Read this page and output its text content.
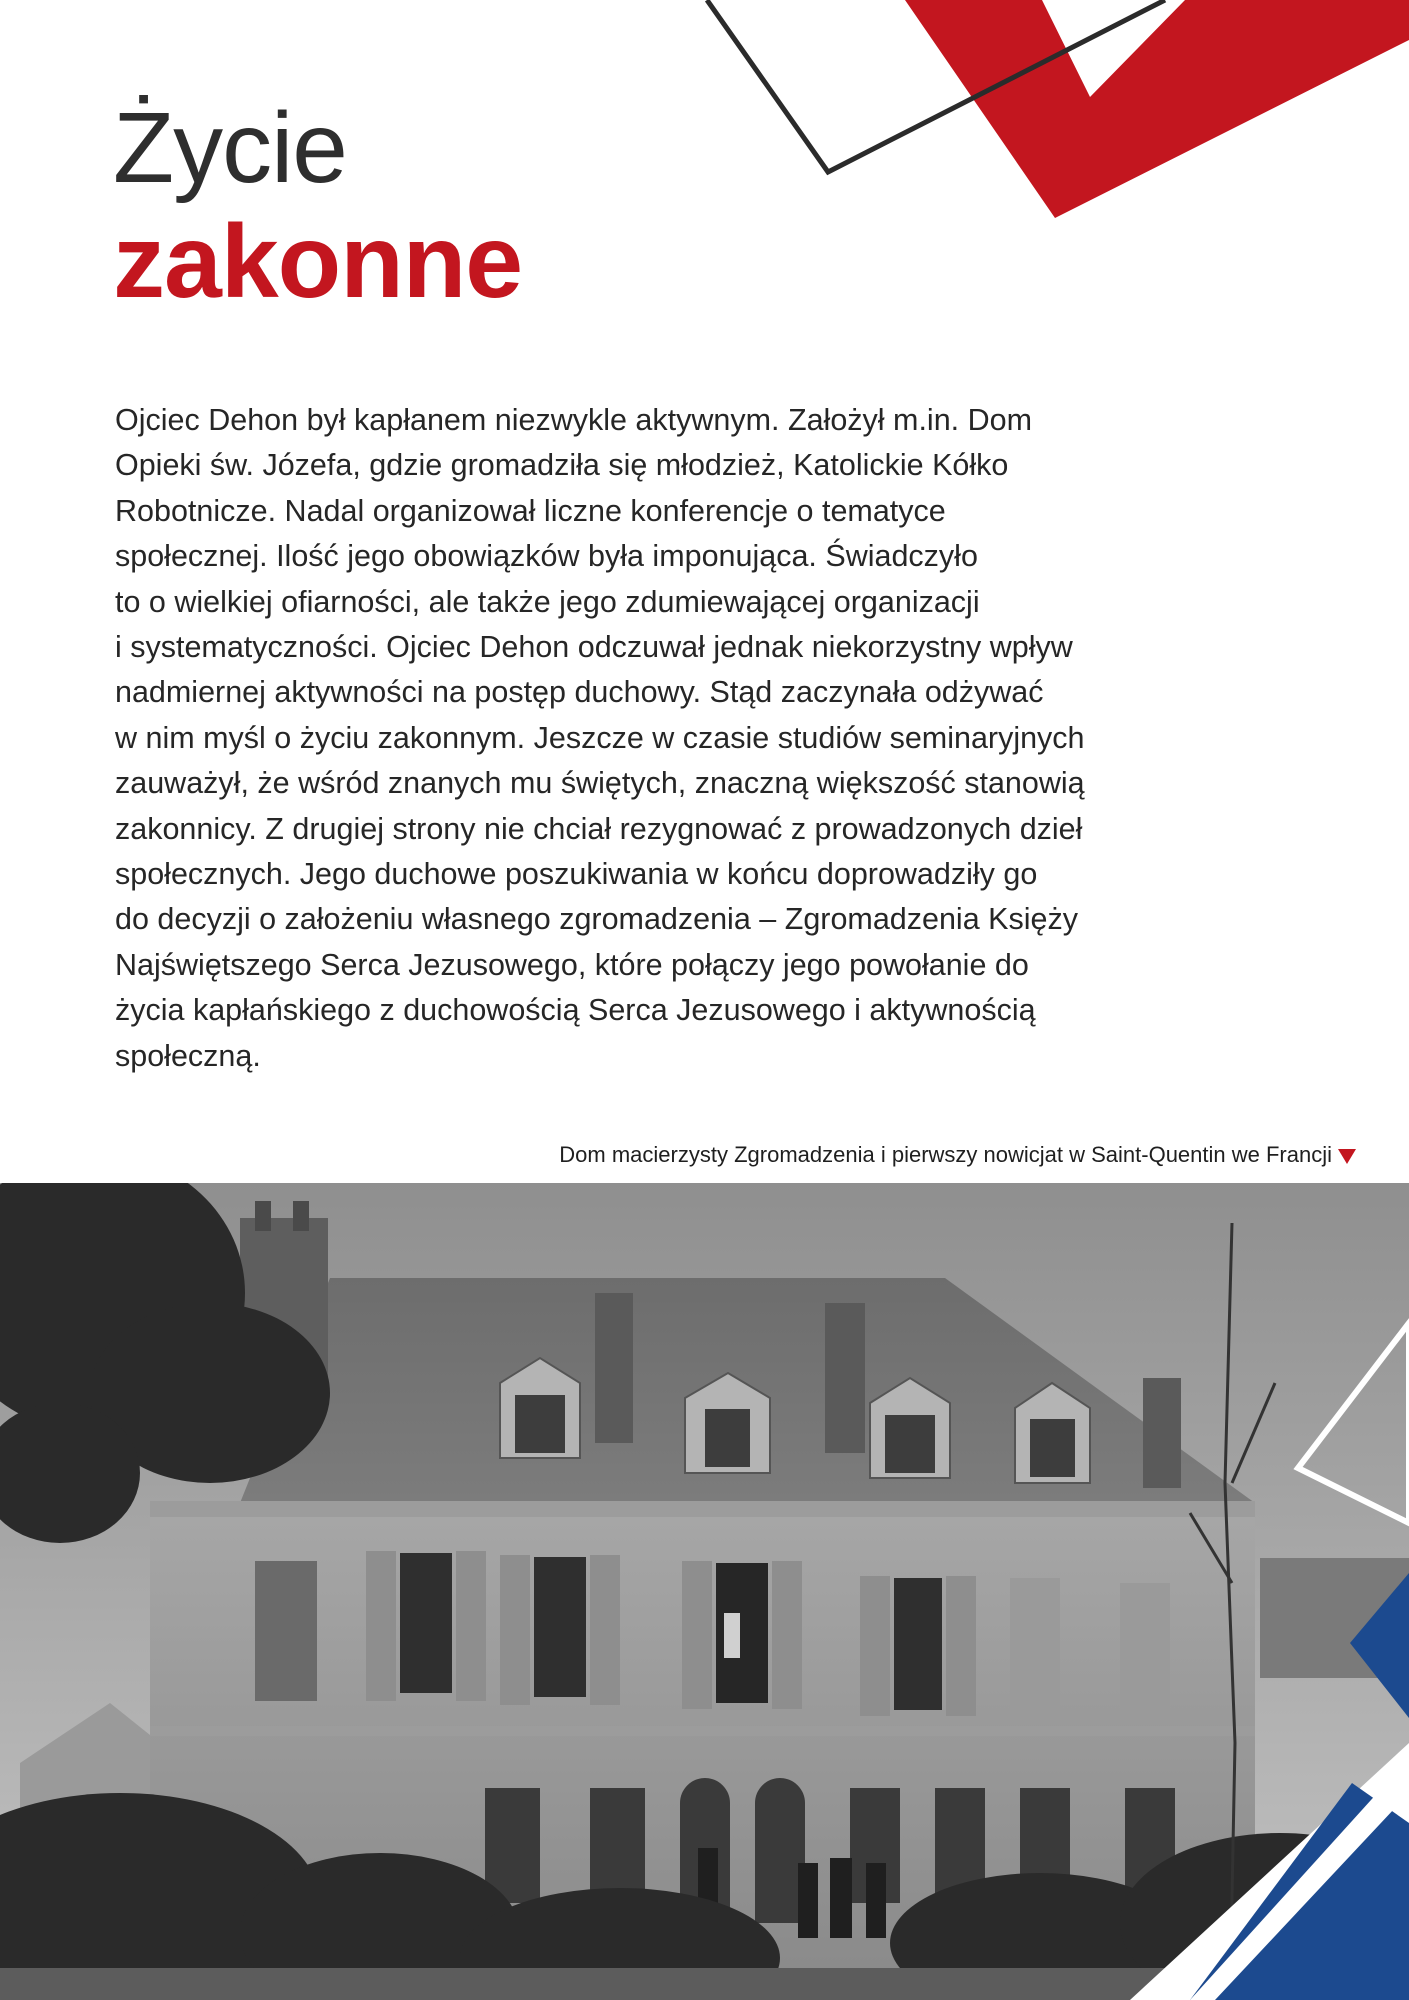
Życie
zakonne

Ojciec Dehon był kapłanem niezwykle aktywnym. Założył m.in. Dom
Opieki św. Józefa, gdzie gromadziła się młodzież, Katolickie Kółko
Robotnicze. Nadal organizował liczne konferencje o tematyce
społecznej. Ilość jego obowiązków była imponująca. Świadczyło
to o wielkiej ofiarności, ale także jego zdumiewającej organizacji
i systematyczności. Ojciec Dehon odczuwał jednak niekorzystny wpływ
nadmiernej aktywności na postęp duchowy. Stąd zaczynała odżywać
w nim myśl o życiu zakonnym. Jeszcze w czasie studiów seminaryjnych
zauważył, że wśród znanych mu świętych, znaczną większość stanowią
zakonnicy. Z drugiej strony nie chciał rezygnować z prowadzonych dzieł
społecznych. Jego duchowe poszukiwania w końcu doprowadziły go
do decyzji o założeniu własnego zgromadzenia – Zgromadzenia Księży
Najświętszego Serca Jezusowego, które połączy jego powołanie do
życia kapłańskiego z duchowością Serca Jezusowego i aktywnością
społeczną.

Dom macierzysty Zgromadzenia i pierwszy nowicjat w Saint-Quentin we Francji
